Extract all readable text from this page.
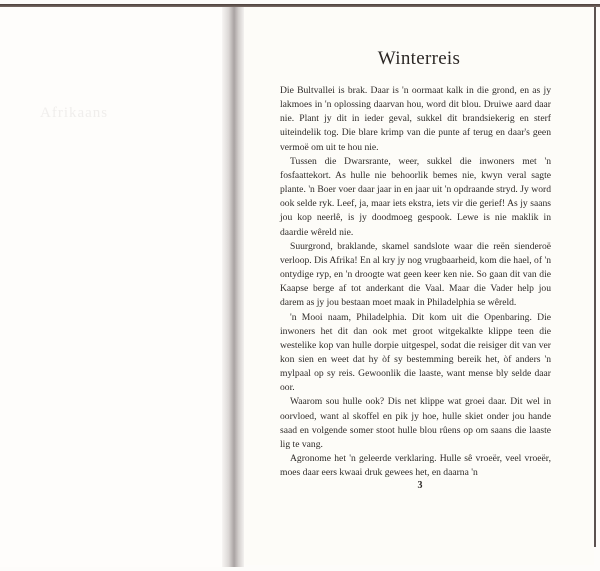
Afrikaans
Winterreis

Die Bultvallei is brak. Daar is 'n oormaat kalk in die grond, en as jy lakmoes in 'n oplossing daarvan hou, word dit blou. Druiwe aard daar nie. Plant jy dit in ieder geval, sukkel dit brandsiekerig en sterf uiteindelik tog. Die blare krimp van die punte af terug en daar's geen vermoë om uit te hou nie.

Tussen die Dwarsrante, weer, sukkel die inwoners met 'n fosfaattekort. As hulle nie behoorlik bemes nie, kwyn veral sagte plante. 'n Boer voer daar jaar in en jaar uit 'n opdraande stryd. Jy word ook selde ryk. Leef, ja, maar iets ekstra, iets vir die gerief! As jy saans jou kop neerlê, is jy doodmoeg gespook. Lewe is nie maklik in daardie wêreld nie.

Suurgrond, braklande, skamel sandslote waar die reën sienderoë verloop. Dis Afrika! En al kry jy nog vrugbaarheid, kom die hael, of 'n ontydige ryp, en 'n droogte wat geen keer ken nie. So gaan dit van die Kaapse berge af tot anderkant die Vaal. Maar die Vader help jou darem as jy jou bestaan moet maak in Philadelphia se wêreld.

'n Mooi naam, Philadelphia. Dit kom uit die Openbaring. Die inwoners het dit dan ook met groot witgekalkte klippe teen die westelike kop van hulle dorpie uitgespel, sodat die reisiger dit van ver kon sien en weet dat hy òf sy bestemming bereik het, òf anders 'n mylpaal op sy reis. Gewoonlik die laaste, want mense bly selde daar oor.

Waarom sou hulle ook? Dis net klippe wat groei daar. Dit wel in oorvloed, want al skoffel en pik jy hoe, hulle skiet onder jou hande saad en volgende somer stoot hulle blou rûens op om saans die laaste lig te vang.

Agronome het 'n geleerde verklaring. Hulle sê vroeër, veel vroeër, moes daar eers kwaai druk gewees het, en daarna 'n

3
